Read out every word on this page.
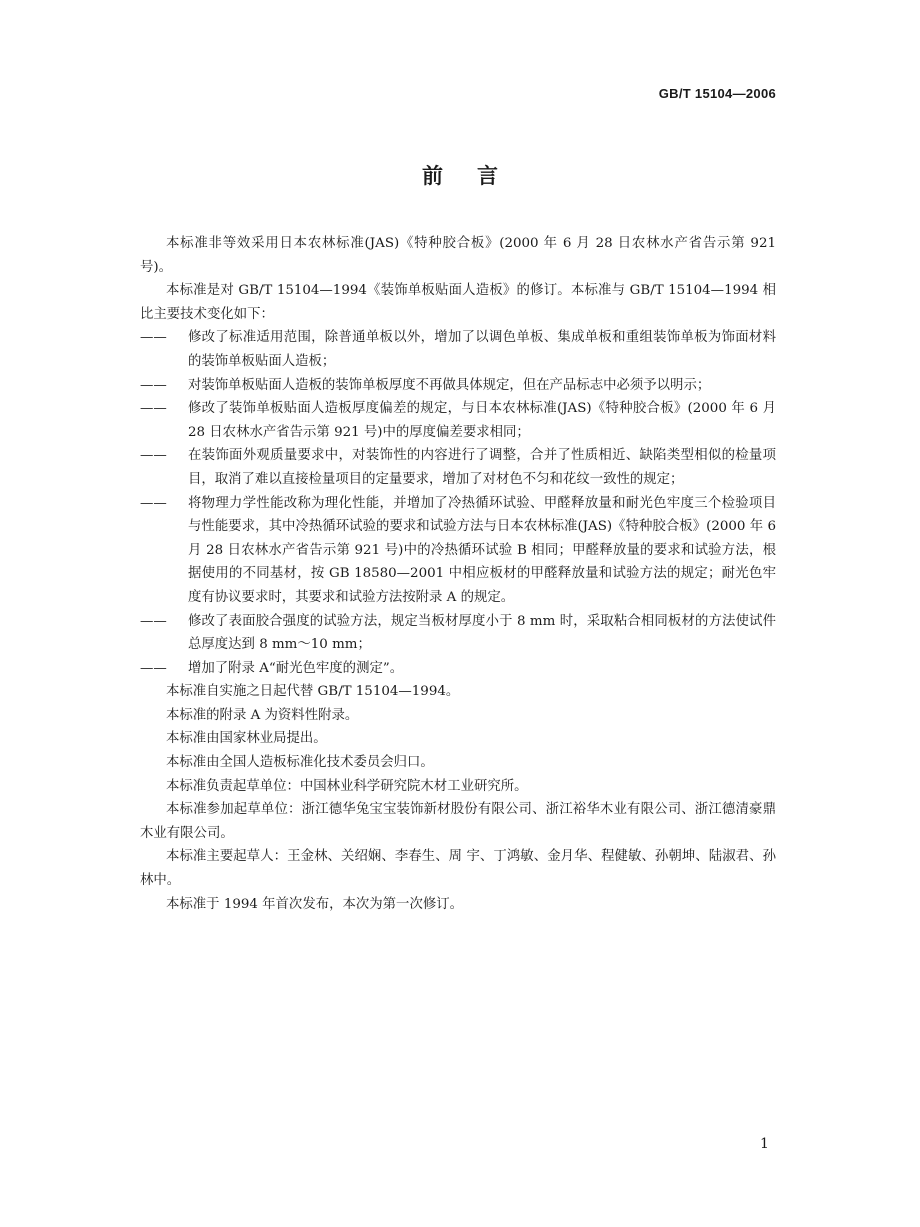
GB/T 15104—2006
前言

本标准非等效采用日本农林标准(JAS)《特种胶合板》(2000 年 6 月 28 日农林水产省告示第 921 号)。

本标准是对 GB/T 15104—1994《装饰单板贴面人造板》的修订。本标准与 GB/T 15104—1994 相比主要技术变化如下：

——	修改了标准适用范围，除普通单板以外，增加了以调色单板、集成单板和重组装饰单板为饰面材料的装饰单板贴面人造板；
——	对装饰单板贴面人造板的装饰单板厚度不再做具体规定，但在产品标志中必须予以明示；
——	修改了装饰单板贴面人造板厚度偏差的规定，与日本农林标准(JAS)《特种胶合板》(2000 年 6 月 28 日农林水产省告示第 921 号)中的厚度偏差要求相同；
——	在装饰面外观质量要求中，对装饰性的内容进行了调整，合并了性质相近、缺陷类型相似的检量项目，取消了难以直接检量项目的定量要求，增加了对材色不匀和花纹一致性的规定；
——	将物理力学性能改称为理化性能，并增加了冷热循环试验、甲醛释放量和耐光色牢度三个检验项目与性能要求，其中冷热循环试验的要求和试验方法与日本农林标准(JAS)《特种胶合板》(2000 年 6 月 28 日农林水产省告示第 921 号)中的冷热循环试验 B 相同；甲醛释放量的要求和试验方法，根据使用的不同基材，按 GB 18580—2001 中相应板材的甲醛释放量和试验方法的规定；耐光色牢度有协议要求时，其要求和试验方法按附录 A 的规定。
——	修改了表面胶合强度的试验方法，规定当板材厚度小于 8 mm 时，采取粘合相同板材的方法使试件总厚度达到 8 mm～10 mm；
——	增加了附录 A“耐光色牢度的测定”。

本标准自实施之日起代替 GB/T 15104—1994。

本标准的附录 A 为资料性附录。

本标准由国家林业局提出。

本标准由全国人造板标准化技术委员会归口。

本标准负责起草单位：中国林业科学研究院木材工业研究所。

本标准参加起草单位：浙江德华兔宝宝装饰新材股份有限公司、浙江裕华木业有限公司、浙江德清豪鼎木业有限公司。

本标准主要起草人：王金林、关绍娴、李春生、周 宇、丁鸿敏、金月华、程健敏、孙朝坤、陆淑君、孙林中。

本标准于 1994 年首次发布，本次为第一次修订。

1
